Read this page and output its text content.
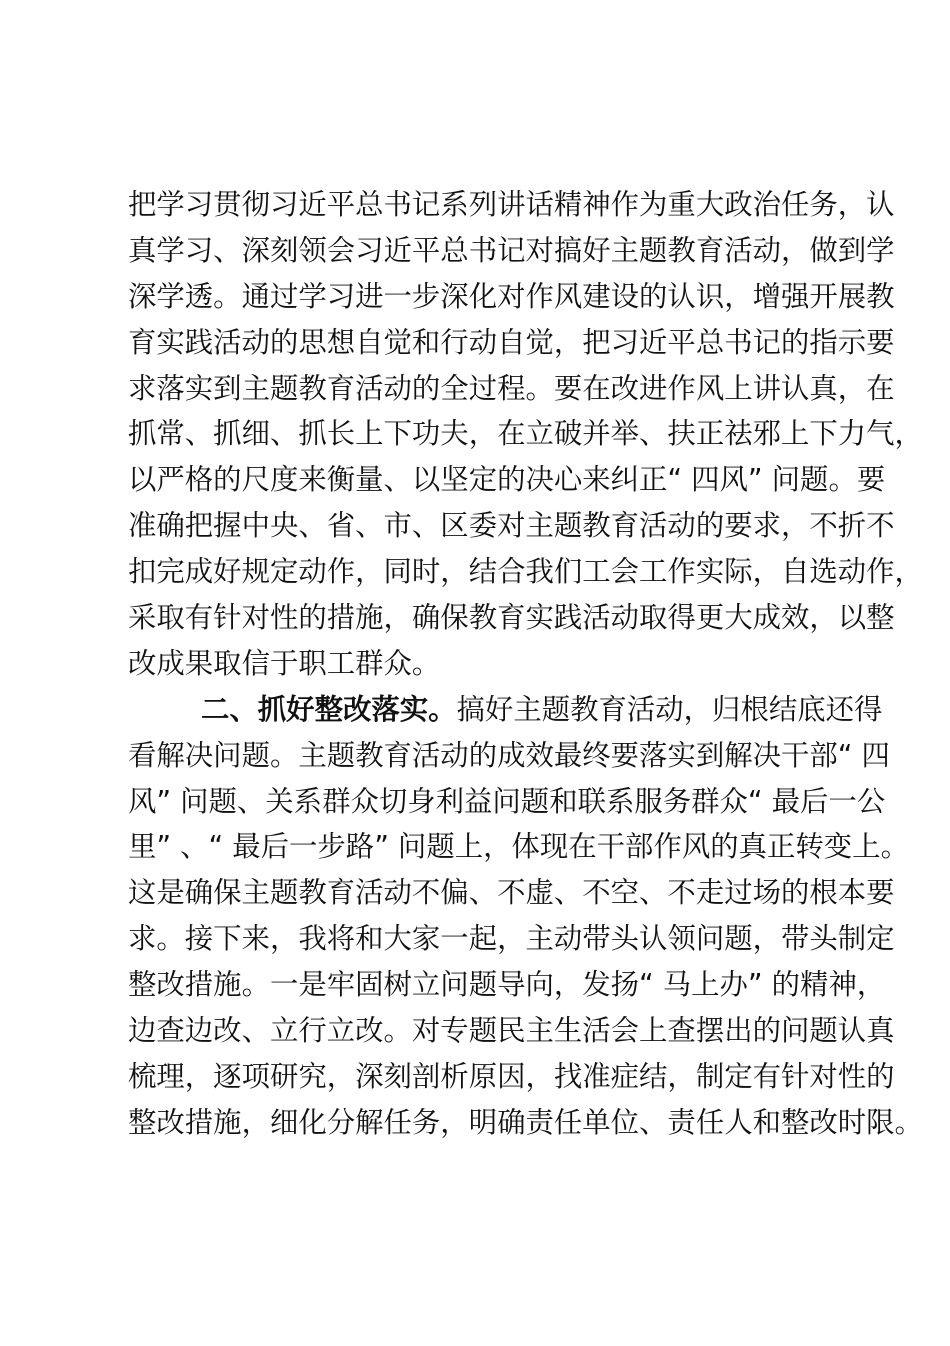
把学习贯彻习近平总书记系列讲话精神作为重大政治任务，认
真学习、深刻领会习近平总书记对搞好主题教育活动，做到学
深学透。通过学习进一步深化对作风建设的认识，增强开展教
育实践活动的思想自觉和行动自觉，把习近平总书记的指示要
求落实到主题教育活动的全过程。要在改进作风上讲认真，在
抓常、抓细、抓长上下功夫，在立破并举、扶正祛邪上下力气，
以严格的尺度来衡量、以坚定的决心来纠正“ 四风” 问题。要
准确把握中央、省、市、区委对主题教育活动的要求，不折不
扣完成好规定动作，同时，结合我们工会工作实际，自选动作，
采取有针对性的措施，确保教育实践活动取得更大成效，以整
改成果取信于职工群众。
二、抓好整改落实。搞好主题教育活动，归根结底还得
看解决问题。主题教育活动的成效最终要落实到解决干部“ 四
风” 问题、关系群众切身利益问题和联系服务群众“ 最后一公
里” 、“ 最后一步路” 问题上，体现在干部作风的真正转变上。
这是确保主题教育活动不偏、不虚、不空、不走过场的根本要
求。接下来，我将和大家一起，主动带头认领问题，带头制定
整改措施。一是牢固树立问题导向，发扬“ 马上办” 的精神，
边查边改、立行立改。对专题民主生活会上查摆出的问题认真
梳理，逐项研究，深刻剖析原因，找准症结，制定有针对性的
整改措施，细化分解任务，明确责任单位、责任人和整改时限。
